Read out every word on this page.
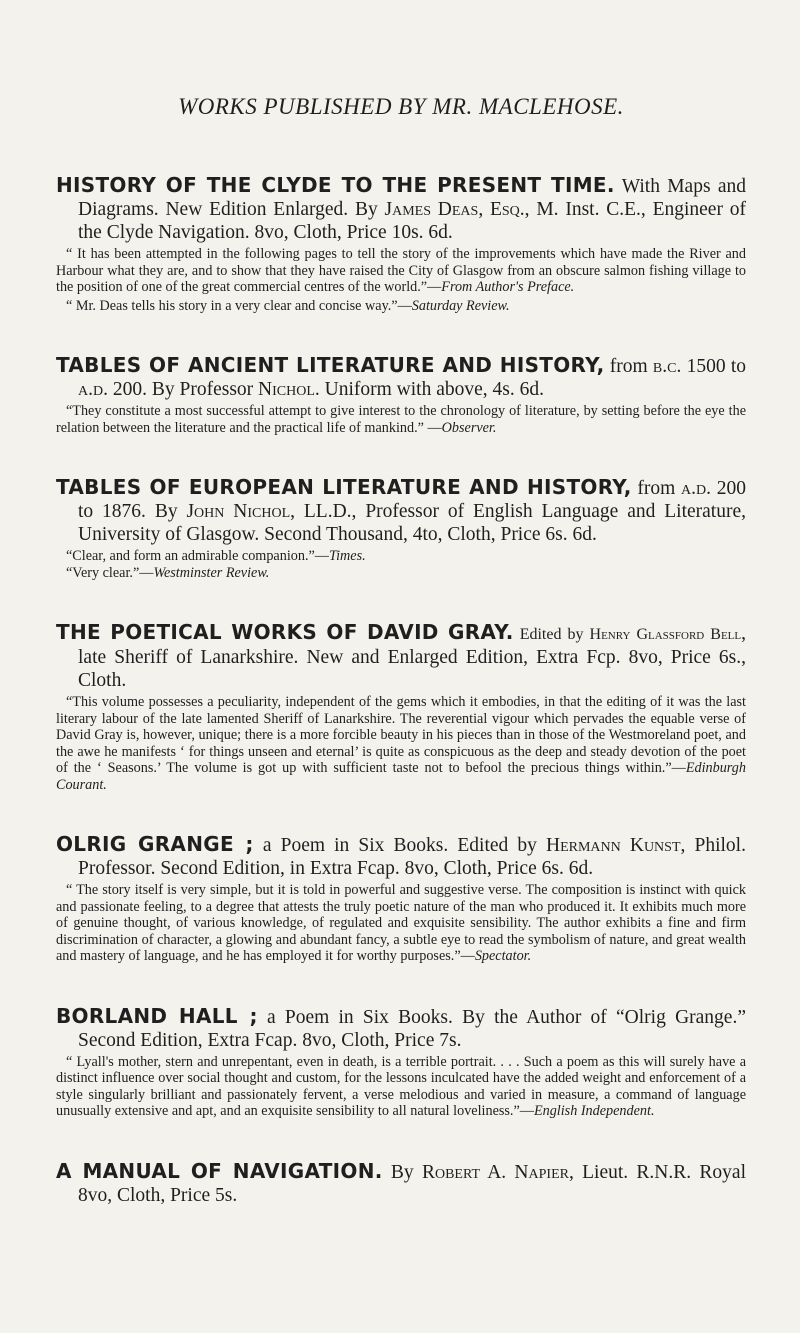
WORKS PUBLISHED BY MR. MACLEHOSE.

HISTORY OF THE CLYDE TO THE PRESENT TIME. With Maps and Diagrams. New Edition Enlarged. By James Deas, Esq., M. Inst. C.E., Engineer of the Clyde Navigation. 8vo, Cloth, Price 10s. 6d.

“ It has been attempted in the following pages to tell the story of the improvements which have made the River and Harbour what they are, and to show that they have raised the City of Glasgow from an obscure salmon fishing village to the position of one of the great commercial centres of the world.”—From Author's Preface.

“ Mr. Deas tells his story in a very clear and concise way.”—Saturday Review.

TABLES OF ANCIENT LITERATURE AND HISTORY, from b.c. 1500 to a.d. 200. By Professor Nichol. Uniform with above, 4s. 6d.

“They constitute a most successful attempt to give interest to the chronology of literature, by setting before the eye the relation between the literature and the practical life of mankind.” —Observer.

TABLES OF EUROPEAN LITERATURE AND HISTORY, from a.d. 200 to 1876. By John Nichol, LL.D., Professor of English Language and Literature, University of Glasgow. Second Thousand, 4to, Cloth, Price 6s. 6d.

“Clear, and form an admirable companion.”—Times.

“Very clear.”—Westminster Review.

THE POETICAL WORKS OF DAVID GRAY. Edited by Henry Glassford Bell, late Sheriff of Lanarkshire. New and Enlarged Edition, Extra Fcp. 8vo, Price 6s., Cloth.

“This volume possesses a peculiarity, independent of the gems which it embodies, in that the editing of it was the last literary labour of the late lamented Sheriff of Lanarkshire. The reverential vigour which pervades the equable verse of David Gray is, however, unique; there is a more forcible beauty in his pieces than in those of the Westmoreland poet, and the awe he manifests ‘ for things unseen and eternal’ is quite as conspicuous as the deep and steady devotion of the poet of the ‘ Seasons.’ The volume is got up with sufficient taste not to befool the precious things within.”—Edinburgh Courant.

OLRIG GRANGE ; a Poem in Six Books. Edited by Hermann Kunst, Philol. Professor. Second Edition, in Extra Fcap. 8vo, Cloth, Price 6s. 6d.

“ The story itself is very simple, but it is told in powerful and suggestive verse. The composition is instinct with quick and passionate feeling, to a degree that attests the truly poetic nature of the man who produced it. It exhibits much more of genuine thought, of various knowledge, of regulated and exquisite sensibility. The author exhibits a fine and firm discrimination of character, a glowing and abundant fancy, a subtle eye to read the symbolism of nature, and great wealth and mastery of language, and he has employed it for worthy purposes.”—Spectator.

BORLAND HALL ; a Poem in Six Books. By the Author of “Olrig Grange.” Second Edition, Extra Fcap. 8vo, Cloth, Price 7s.

“ Lyall's mother, stern and unrepentant, even in death, is a terrible portrait. . . . Such a poem as this will surely have a distinct influence over social thought and custom, for the lessons inculcated have the added weight and enforcement of a style singularly brilliant and passionately fervent, a verse melodious and varied in measure, a command of language unusually extensive and apt, and an exquisite sensibility to all natural loveliness.”—English Independent.

A MANUAL OF NAVIGATION. By Robert A. Napier, Lieut. R.N.R. Royal 8vo, Cloth, Price 5s.
